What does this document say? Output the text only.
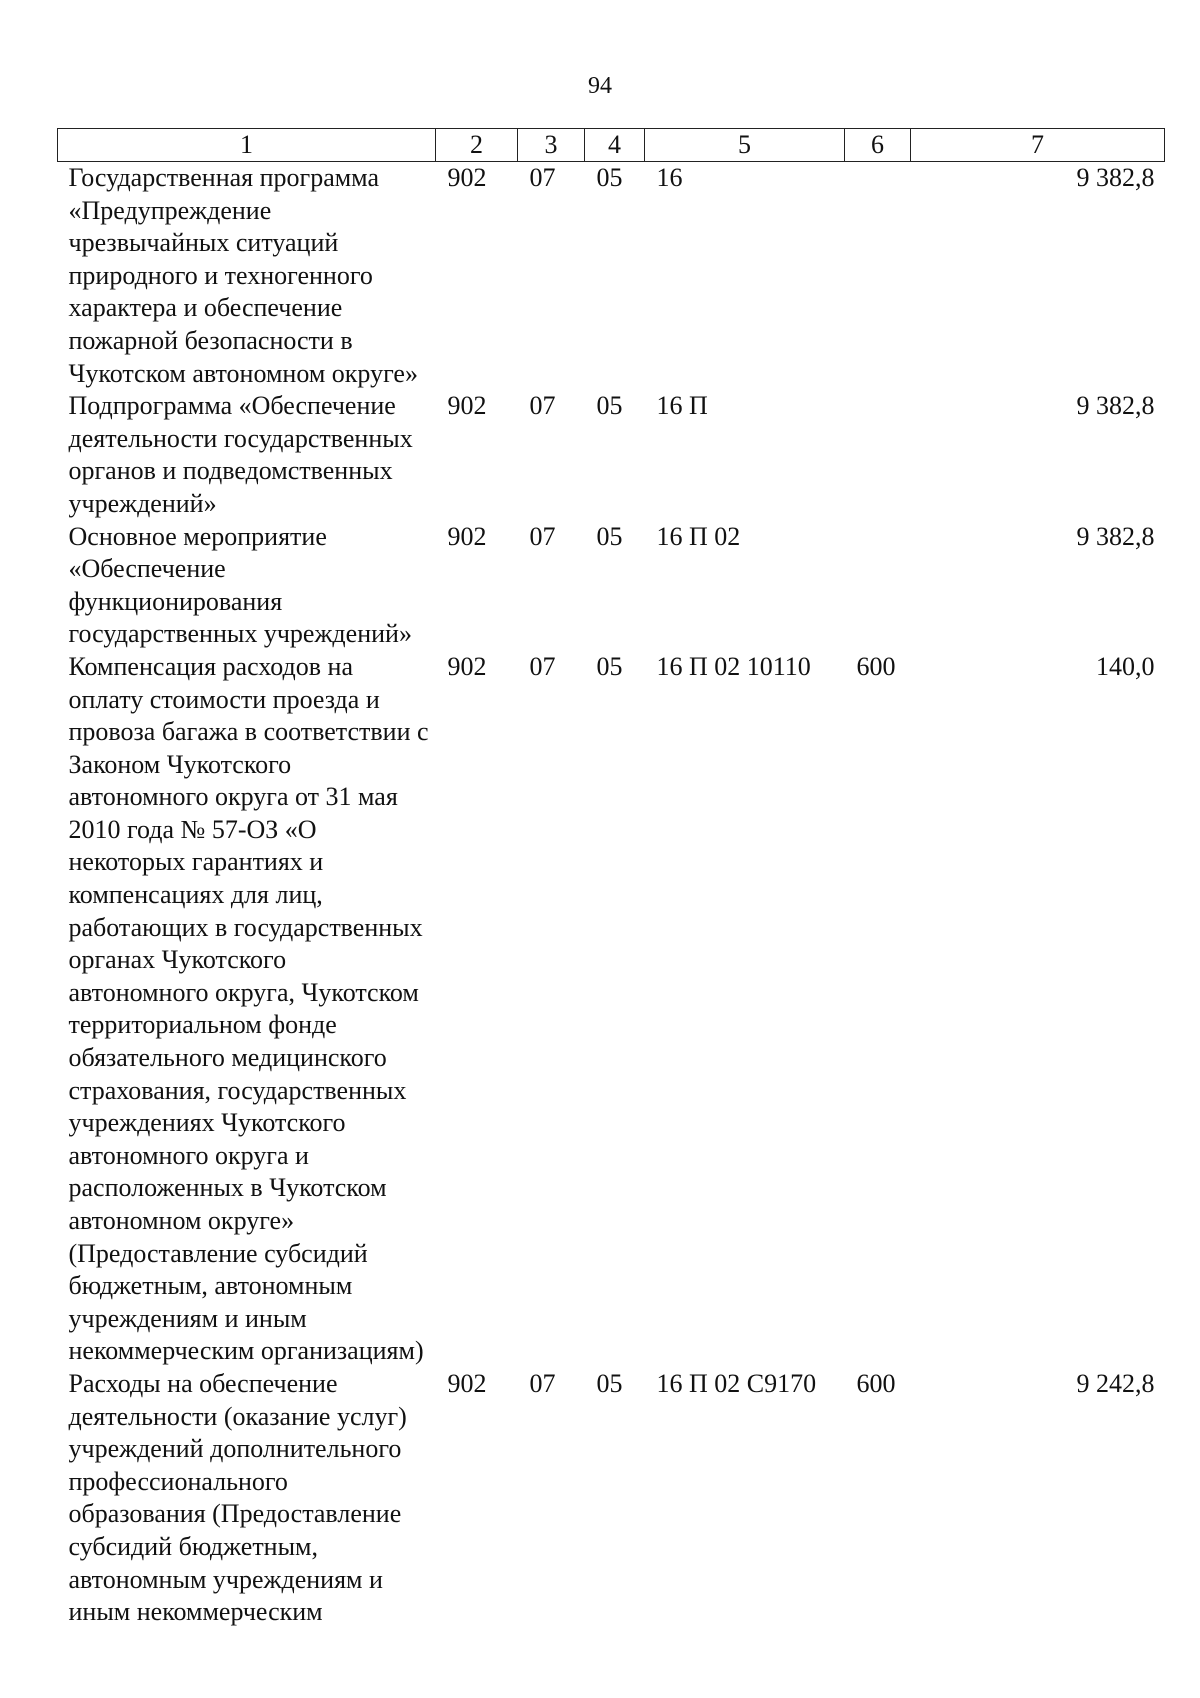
94
1	2	3	4	5	6	7
Государственная программа «Предупреждение чрезвычайных ситуаций природного и техногенного характера и обеспечение пожарной безопасности в Чукотском автономном округе»	902	07	05	16		9 382,8
Подпрограмма «Обеспечение деятельности государственных органов и подведомственных учреждений»	902	07	05	16 П		9 382,8
Основное мероприятие «Обеспечение функционирования государственных учреждений»	902	07	05	16 П 02		9 382,8
Компенсация расходов на оплату стоимости проезда и провоза багажа в соответствии с Законом Чукотского автономного округа от 31 мая 2010 года № 57-ОЗ «О некоторых гарантиях и компенсациях для лиц, работающих в государственных органах Чукотского автономного округа, Чукотском территориальном фонде обязательного медицинского страхования, государственных учреждениях Чукотского автономного округа и расположенных в Чукотском автономном округе» (Предоставление субсидий бюджетным, автономным учреждениям и иным некоммерческим организациям)	902	07	05	16 П 02 10110	600	140,0
Расходы на обеспечение деятельности (оказание услуг) учреждений дополнительного профессионального образования (Предоставление субсидий бюджетным, автономным учреждениям и иным некоммерческим	902	07	05	16 П 02 С9170	600	9 242,8
